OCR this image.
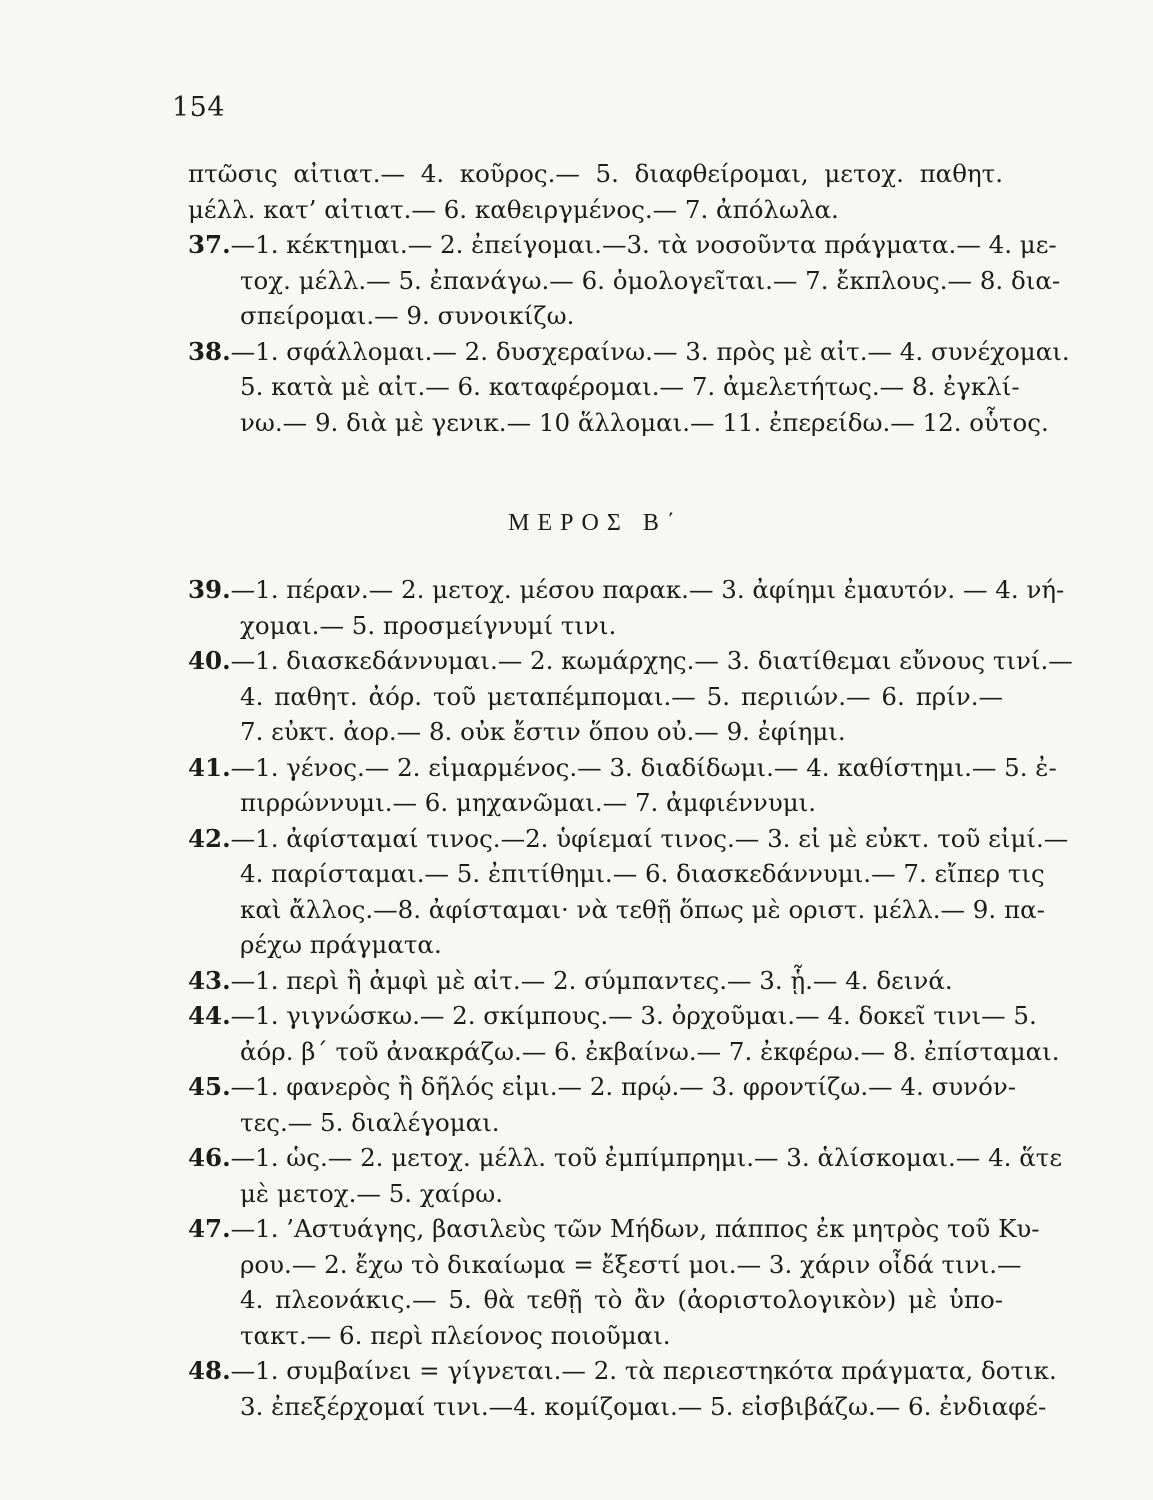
154
πτῶσις αἰτιατ.— 4. κοῦρος.— 5. διαφθείρομαι, μετοχ. παθητ.
μέλλ. κατ’ αἰτιατ.— 6. καθειργμένος.— 7. ἀπόλωλα.
37.—1. κέκτημαι.— 2. ἐπείγομαι.—3. τὰ νοσοῦντα πράγματα.— 4. με-
τοχ. μέλλ.— 5. ἐπανάγω.— 6. ὁμολογεῖται.— 7. ἔκπλους.— 8. δια-
σπείρομαι.— 9. συνοικίζω.
38.—1. σφάλλομαι.— 2. δυσχεραίνω.— 3. πρὸς μὲ αἰτ.— 4. συνέχομαι.
5. κατὰ μὲ αἰτ.— 6. καταφέρομαι.— 7. ἀμελετήτως.— 8. ἐγκλί-
νω.— 9. διὰ μὲ γενικ.— 10 ἅλλομαι.— 11. ἐπερείδω.— 12. οὗτος.
ΜΕΡΟΣ Β΄
39.—1. πέραν.— 2. μετοχ. μέσου παρακ.— 3. ἀφίημι ἐμαυτόν. — 4. νή-
χομαι.— 5. προσμείγνυμί τινι.
40.—1. διασκεδάννυμαι.— 2. κωμάρχης.— 3. διατίθεμαι εὔνους τινί.—
4. παθητ. ἀόρ. τοῦ μεταπέμπομαι.— 5. περιιών.— 6. πρίν.—
7. εὐκτ. ἀορ.— 8. οὐκ ἔστιν ὅπου οὐ.— 9. ἐφίημι.
41.—1. γένος.— 2. εἱμαρμένος.— 3. διαδίδωμι.— 4. καθίστημι.— 5. ἐ-
πιρρώννυμι.— 6. μηχανῶμαι.— 7. ἀμφιέννυμι.
42.—1. ἀφίσταμαί τινος.—2. ὑφίεμαί τινος.— 3. εἰ μὲ εὐκτ. τοῦ εἰμί.—
4. παρίσταμαι.— 5. ἐπιτίθημι.— 6. διασκεδάννυμι.— 7. εἴπερ τις
καὶ ἄλλος.—8. ἀφίσταμαι· νὰ τεθῇ ὅπως μὲ οριστ. μέλλ.— 9. πα-
ρέχω πράγματα.
43.—1. περὶ ἢ ἀμφὶ μὲ αἰτ.— 2. σύμπαντες.— 3. ᾗ.— 4. δεινά.
44.—1. γιγνώσκω.— 2. σκίμπους.— 3. ὀρχοῦμαι.— 4. δοκεῖ τινι— 5.
ἀόρ. β΄ τοῦ ἀνακράζω.— 6. ἐκβαίνω.— 7. ἐκφέρω.— 8. ἐπίσταμαι.
45.—1. φανερὸς ἢ δῆλός εἰμι.— 2. πρῴ.— 3. φροντίζω.— 4. συνόν-
τες.— 5. διαλέγομαι.
46.—1. ὡς.— 2. μετοχ. μέλλ. τοῦ ἐμπίμπρημι.— 3. ἁλίσκομαι.— 4. ἅτε
μὲ μετοχ.— 5. χαίρω.
47.—1. ’Αστυάγης, βασιλεὺς τῶν Μήδων, πάππος ἐκ μητρὸς τοῦ Κυ-
ρου.— 2. ἔχω τὸ δικαίωμα = ἔξεστί μοι.— 3. χάριν οἶδά τινι.—
4. πλεονάκις.— 5. θὰ τεθῇ τὸ ἂν (ἀοριστολογικὸν) μὲ ὑπο-
τακτ.— 6. περὶ πλείονος ποιοῦμαι.
48.—1. συμβαίνει = γίγνεται.— 2. τὰ περιεστηκότα πράγματα, δοτικ.
3. ἐπεξέρχομαί τινι.—4. κομίζομαι.— 5. εἰσβιβάζω.— 6. ἐνδιαφέ-
